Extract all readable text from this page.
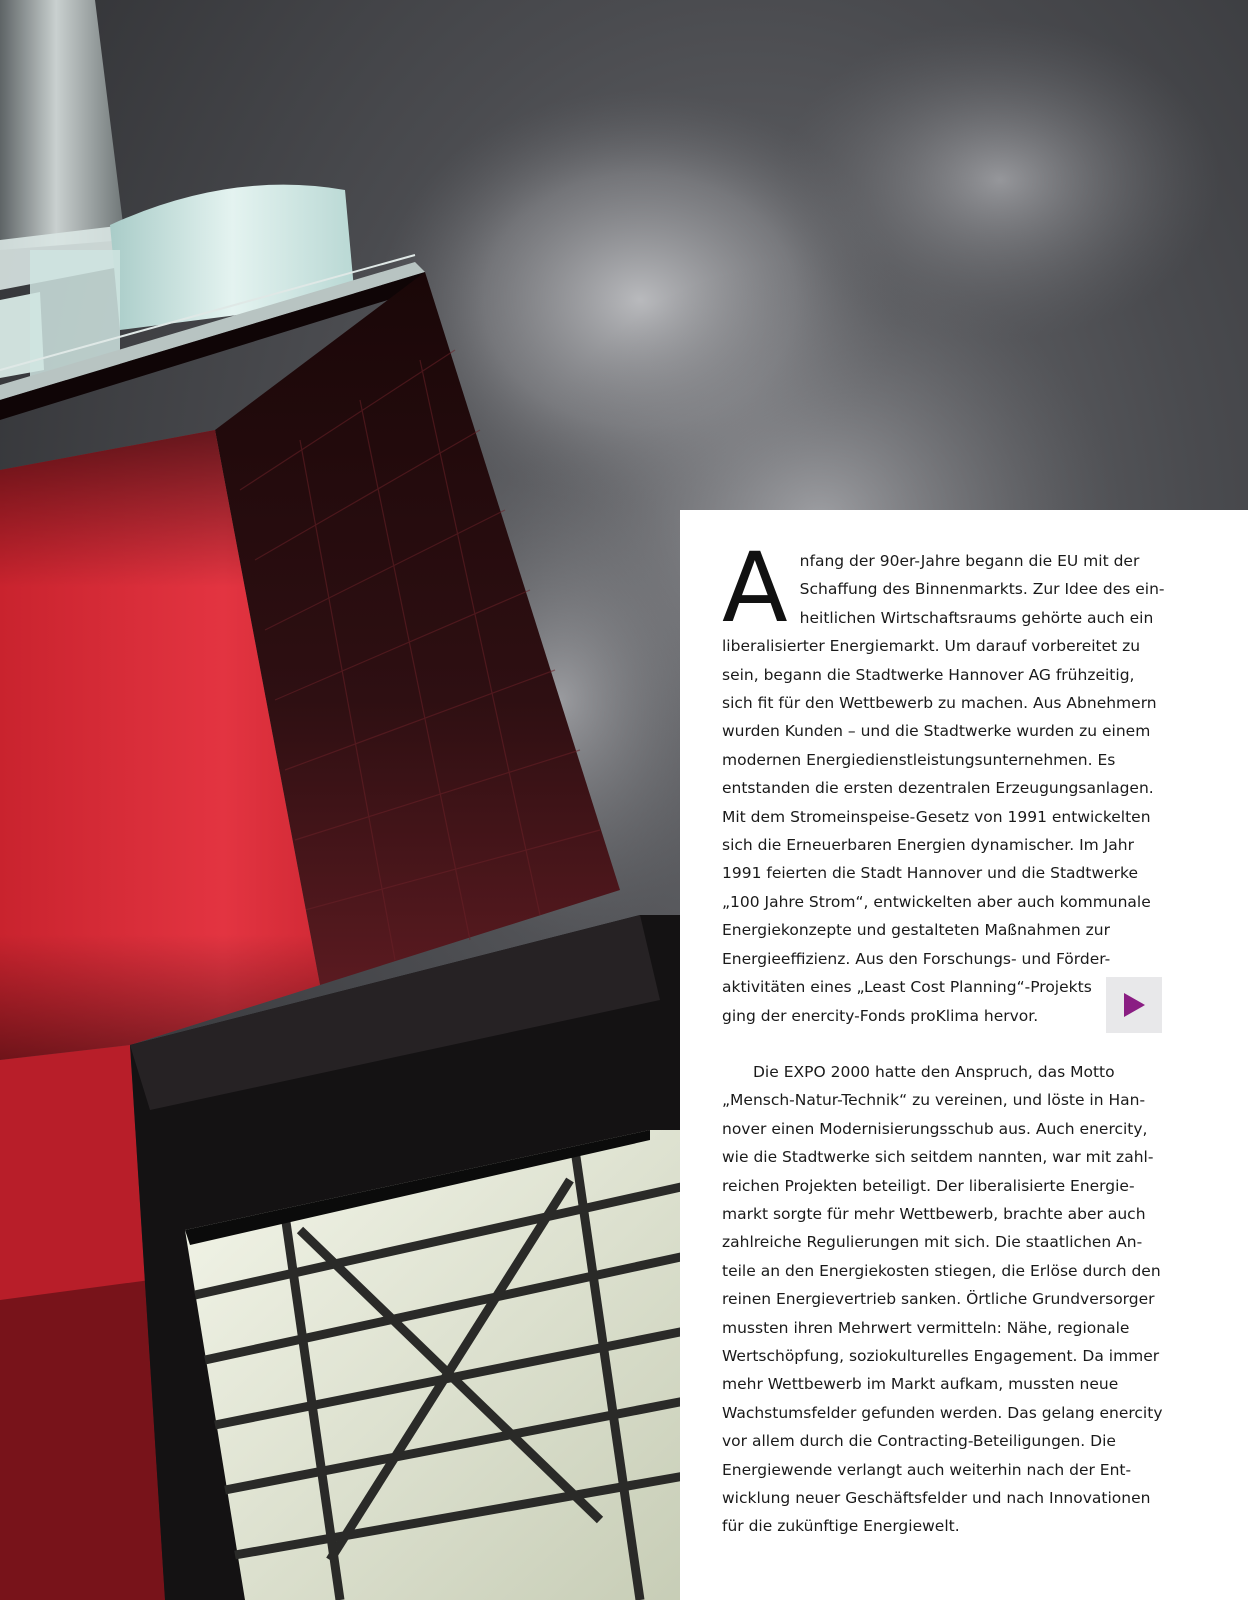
A nfang der 90er-Jahre begann die EU mit der
Schaffung des Binnenmarkts. Zur Idee des ein-
heitlichen Wirtschaftsraums gehörte auch ein
liberalisierter Energiemarkt. Um darauf vorbereitet zu
sein, begann die Stadtwerke Hannover AG frühzeitig,
sich fit für den Wettbewerb zu machen. Aus Abnehmern
wurden Kunden – und die Stadtwerke wurden zu einem
modernen Energiedienstleistungsunternehmen. Es
entstanden die ersten dezentralen Erzeugungsanlagen.
Mit dem Stromeinspeise-Gesetz von 1991 entwickelten
sich die Erneuerbaren Energien dynamischer. Im Jahr
1991 feierten die Stadt Hannover und die Stadtwerke
„100 Jahre Strom“, entwickelten aber auch kommunale
Energiekonzepte und gestalteten Maßnahmen zur
Energieeffizienz. Aus den Forschungs- und Förder-
aktivitäten eines „Least Cost Planning“-Projekts
ging der enercity-Fonds proKlima hervor.
Die EXPO 2000 hatte den Anspruch, das Motto
„Mensch-Natur-Technik“ zu vereinen, und löste in Han-
nover einen Modernisierungsschub aus. Auch enercity,
wie die Stadtwerke sich seitdem nannten, war mit zahl-
reichen Projekten beteiligt. Der liberalisierte Energie-
markt sorgte für mehr Wettbewerb, brachte aber auch
zahlreiche Regulierungen mit sich. Die staatlichen An-
teile an den Energiekosten stiegen, die Erlöse durch den
reinen Energievertrieb sanken. Örtliche Grundversorger
mussten ihren Mehrwert vermitteln: Nähe, regionale
Wertschöpfung, soziokulturelles Engagement. Da immer
mehr Wettbewerb im Markt aufkam, mussten neue
Wachstumsfelder gefunden werden. Das gelang enercity
vor allem durch die Contracting-Beteiligungen. Die
Energiewende verlangt auch weiterhin nach der Ent-
wicklung neuer Geschäftsfelder und nach Innovationen
für die zukünftige Energiewelt.
